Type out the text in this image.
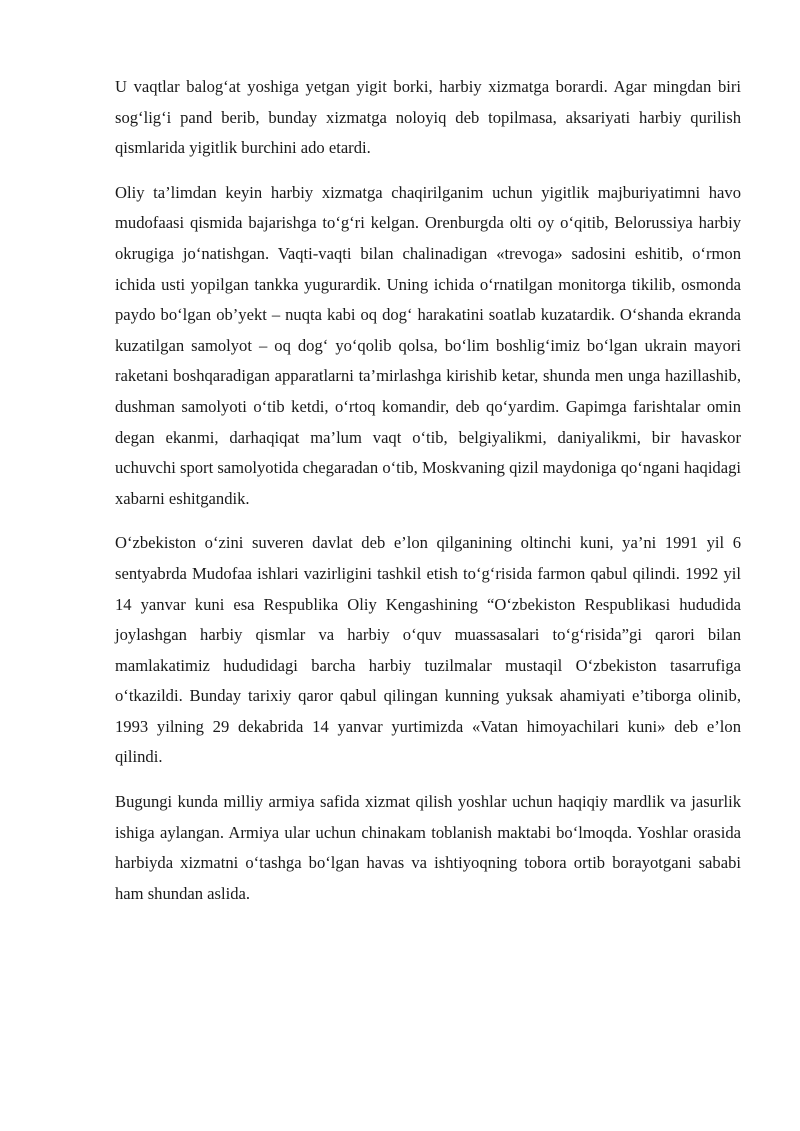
U vaqtlar balog‘at yoshiga yetgan yigit borki, harbiy xizmatga borardi. Agar mingdan biri sog‘lig‘i pand berib, bunday xizmatga noloyiq deb topilmasa, aksariyati harbiy qurilish qismlarida yigitlik burchini ado etardi.

Oliy ta’limdan keyin harbiy xizmatga chaqirilganim uchun yigitlik majburiyatimni havo mudofaasi qismida bajarishga to‘g‘ri kelgan. Orenburgda olti oy o‘qitib, Belorussiya harbiy okrugiga jo‘natishgan. Vaqti-vaqti bilan chalinadigan «trevoga» sadosini eshitib, o‘rmon ichida usti yopilgan tankka yugurardik. Uning ichida o‘rnatilgan monitorga tikilib, osmonda paydo bo‘lgan ob’yekt – nuqta kabi oq dog‘ harakatini soatlab kuzatardik. O‘shanda ekranda kuzatilgan samolyot – oq dog‘ yo‘qolib qolsa, bo‘lim boshlig‘imiz bo‘lgan ukrain mayori raketani boshqaradigan apparatlarni ta’mirlashga kirishib ketar, shunda men unga hazillashib, dushman samolyoti o‘tib ketdi, o‘rtoq komandir, deb qo‘yardim. Gapimga farishtalar omin degan ekanmi, darhaqiqat ma’lum vaqt o‘tib, belgiyalikmi, daniyalikmi, bir havaskor uchuvchi sport samolyotida chegaradan o‘tib, Moskvaning qizil maydoniga qo‘ngani haqidagi xabarni eshitgandik.

O‘zbekiston o‘zini suveren davlat deb e’lon qilganining oltinchi kuni, ya’ni 1991 yil 6 sentyabrda Mudofaa ishlari vazirligini tashkil etish to‘g‘risida farmon qabul qilindi. 1992 yil 14 yanvar kuni esa Respublika Oliy Kengashining “O‘zbekiston Respublikasi hududida joylashgan harbiy qismlar va harbiy o‘quv muassasalari to‘g‘risida”gi qarori bilan mamlakatimiz hududidagi barcha harbiy tuzilmalar mustaqil O‘zbekiston tasarrufiga o‘tkazildi. Bunday tarixiy qaror qabul qilingan kunning yuksak ahamiyati e’tiborga olinib, 1993 yilning 29 dekabrida 14 yanvar yurtimizda «Vatan himoyachilari kuni» deb e’lon qilindi.

Bugungi kunda milliy armiya safida xizmat qilish yoshlar uchun haqiqiy mardlik va jasurlik ishiga aylangan. Armiya ular uchun chinakam toblanish maktabi bo‘lmoqda. Yoshlar orasida harbiyda xizmatni o‘tashga bo‘lgan havas va ishtiyoqning tobora ortib borayotgani sababi ham shundan aslida.
